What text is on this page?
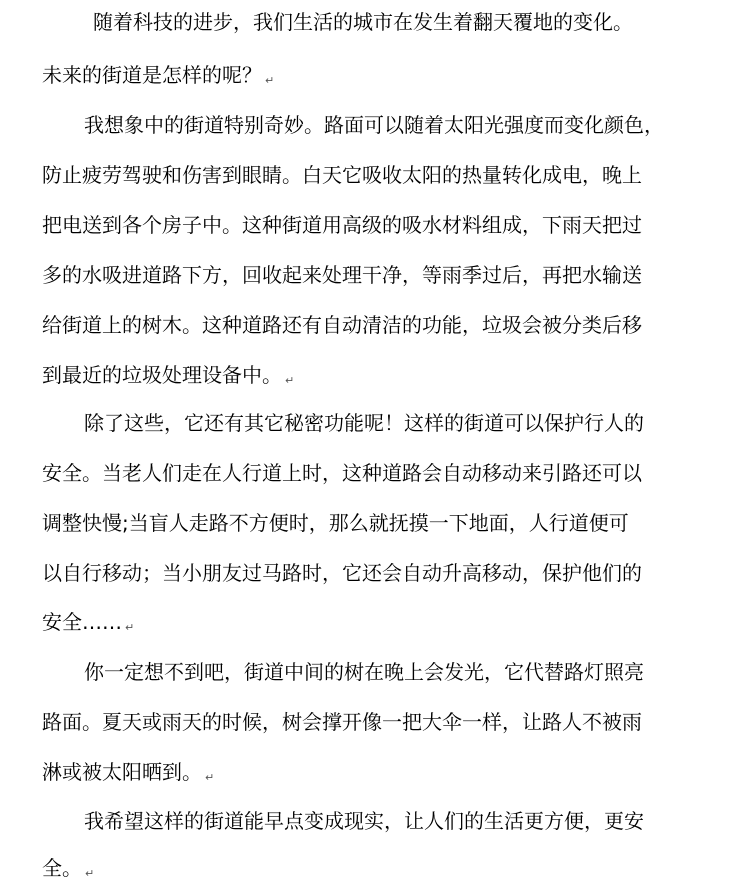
随着科技的进步，我们生活的城市在发生着翻天覆地的变化。
未来的街道是怎样的呢？ ↵
我想象中的街道特别奇妙。路面可以随着太阳光强度而变化颜色，
防止疲劳驾驶和伤害到眼睛。白天它吸收太阳的热量转化成电，晚上
把电送到各个房子中。这种街道用高级的吸水材料组成，下雨天把过
多的水吸进道路下方，回收起来处理干净，等雨季过后，再把水输送
给街道上的树木。这种道路还有自动清洁的功能，垃圾会被分类后移
到最近的垃圾处理设备中。 ↵
除了这些，它还有其它秘密功能呢！这样的街道可以保护行人的
安全。当老人们走在人行道上时，这种道路会自动移动来引路还可以
调整快慢;当盲人走路不方便时，那么就抚摸一下地面，人行道便可
以自行移动；当小朋友过马路时，它还会自动升高移动，保护他们的
安全…… ↵
你一定想不到吧，街道中间的树在晚上会发光，它代替路灯照亮
路面。夏天或雨天的时候，树会撑开像一把大伞一样，让路人不被雨
淋或被太阳晒到。 ↵
我希望这样的街道能早点变成现实，让人们的生活更方便，更安
全。 ↵
